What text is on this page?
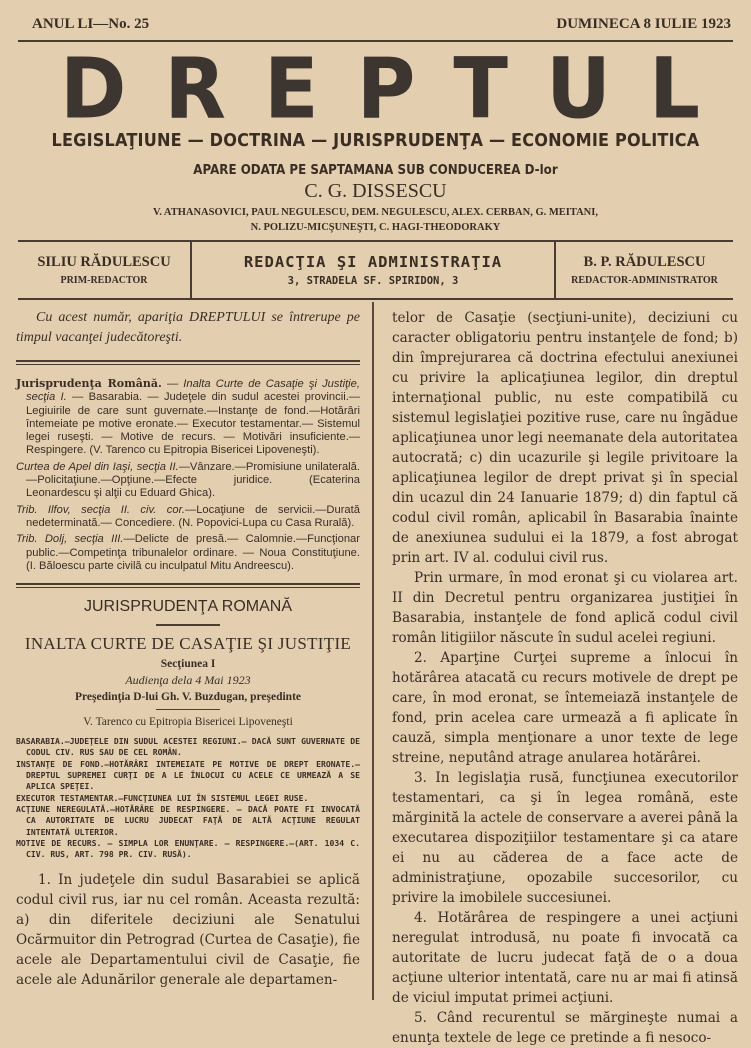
ANUL LI—No. 25	DUMINECA 8 IULIE 1923
D R E P T U L
LEGISLAŢIUNE — DOCTRINA — JURISPRUDENŢA — ECONOMIE POLITICA
APARE ODATA PE SAPTAMANA SUB CONDUCEREA D-lor
C. G. DISSESCU
V. ATHANASOVICI, PAUL NEGULESCU, DEM. NEGULESCU, ALEX. CERBAN, G. MEITANI,
N. POLIZU-MICŞUNEŞTI, C. HAGI-THEODORAKY
SILIU RĂDULESCU
PRIM-REDACTOR
REDACŢIA ŞI ADMINISTRAŢIA
3, STRADELA SF. SPIRIDON, 3
B. P. RĂDULESCU
REDACTOR-ADMINISTRATOR
Cu acest număr, apariţia DREPTULUI se întrerupe pe timpul vacanţei judecătoreşti.

Jurisprudenţa Română. — Inalta Curte de Casaţie şi Justiţie, secţia I. — Basarabia. — Judeţele din sudul acestei provincii.—Legiuirile de care sunt guvernate.—Instanţe de fond.—Hotărâri întemeiate pe motive eronate.— Executor testamentar.— Sistemul legei ruseşti. — Motive de recurs. — Motivări insuficiente.—Respingere. (V. Tarenco cu Epitropia Bisericei Lipoveneşti).

Curtea de Apel din Iaşi, secţia II.—Vânzare.—Promisiune unilaterală.—Policitaţiune.—Opţiune.—Efecte juridice. (Ecaterina Leonardescu şi alţii cu Eduard Ghica).

Trib. Ilfov, secţia II. civ. cor.—Locaţiune de servicii.—Durată nedeterminată.— Concediere. (N. Popovici-Lupa cu Casa Rurală).

Trib. Dolj, secţia III.—Delicte de presă.— Calomnie.—Funcţionar public.—Competinţa tribunalelor ordinare. — Noua Constituţiune. (I. Băloescu parte civilă cu inculpatul Mitu Andreescu).

JURISPRUDENŢA ROMANĂ
INALTA CURTE DE CASAŢIE ŞI JUSTIŢIE
Secţiunea I
Audienţa dela 4 Mai 1923
Preşedinţia D-lui Gh. V. Buzdugan, preşedinte
V. Tarenco cu Epitropia Bisericei Lipoveneşti

BASARABIA.—JUDEŢELE DIN SUDUL ACESTEI REGIUNI.— DACĂ SUNT GUVERNATE DE CODUL CIV. RUS SAU DE CEL ROMÂN.

INSTANŢE DE FOND.—HOTĂRÂRI INTEMEIATE PE MOTIVE DE DREPT ERONATE.—DREPTUL SUPREMEI CURŢI DE A LE ÎNLOCUI CU ACELE CE URMEAZĂ A SE APLICA SPEŢEI.

EXECUTOR TESTAMENTAR.—FUNCŢIUNEA LUI ÎN SISTEMUL LEGEI RUSE.

ACŢIUNE NEREGULATĂ.—HOTĂRÂRE DE RESPINGERE. — DACĂ POATE FI INVOCATĂ CA AUTORITATE DE LUCRU JUDECAT FAŢĂ DE ALTĂ ACŢIUNE REGULAT INTENTATĂ ULTERIOR.

MOTIVE DE RECURS. — SIMPLA LOR ENUNŢARE. — RESPINGERE.—(ART. 1034 C. CIV. RUS, ART. 798 PR. CIV. RUSĂ).

1. In judeţele din sudul Basarabiei se aplică codul civil rus, iar nu cel român. Aceasta rezultă: a) din diferitele deciziuni ale Senatului Ocărmuitor din Petrograd (Curtea de Casaţie), fie acele ale Departamentului civil de Casaţie, fie acele ale Adunărilor generale ale departamen-

telor de Casaţie (secţiuni-unite), deciziuni cu caracter obligatoriu pentru instanţele de fond; b) din împrejurarea că doctrina efectului anexiunei cu privire la aplicaţiunea legilor, din dreptul internaţional public, nu este compatibilă cu sistemul legislaţiei pozitive ruse, care nu îngădue aplicaţiunea unor legi neemanate dela autoritatea autocrată; c) din ucazurile şi legile privitoare la aplicaţiunea legilor de drept privat şi în special din ucazul din 24 Ianuarie 1879; d) din faptul că codul civil român, aplicabil în Basarabia înainte de anexiunea sudului ei la 1879, a fost abrogat prin art. IV al. codului civil rus.

Prin urmare, în mod eronat şi cu violarea art. II din Decretul pentru organizarea justiţiei în Basarabia, instanţele de fond aplică codul civil român litigiilor născute în sudul acelei regiuni.

2. Aparţine Curţei supreme a înlocui în hotărârea atacată cu recurs motivele de drept pe care, în mod eronat, se întemeiază instanţele de fond, prin acelea care urmează a fi aplicate în cauză, simpla menţionare a unor texte de lege streine, neputând atrage anularea hotărârei.

3. In legislaţia rusă, funcţiunea executorilor testamentari, ca şi în legea română, este mărginită la actele de conservare a averei până la executarea dispoziţiilor testamentare şi ca atare ei nu au căderea de a face acte de administraţiune, opozabile succesorilor, cu privire la imobilele succesiunei.

4. Hotărârea de respingere a unei acţiuni neregulat introdusă, nu poate fi invocată ca autoritate de lucru judecat faţă de o a doua acţiune ulterior intentată, care nu ar mai fi atinsă de viciul imputat primei acţiuni.

5. Când recurentul se mărgineşte numai a enunţa textele de lege ce pretinde a fi nesoco-
